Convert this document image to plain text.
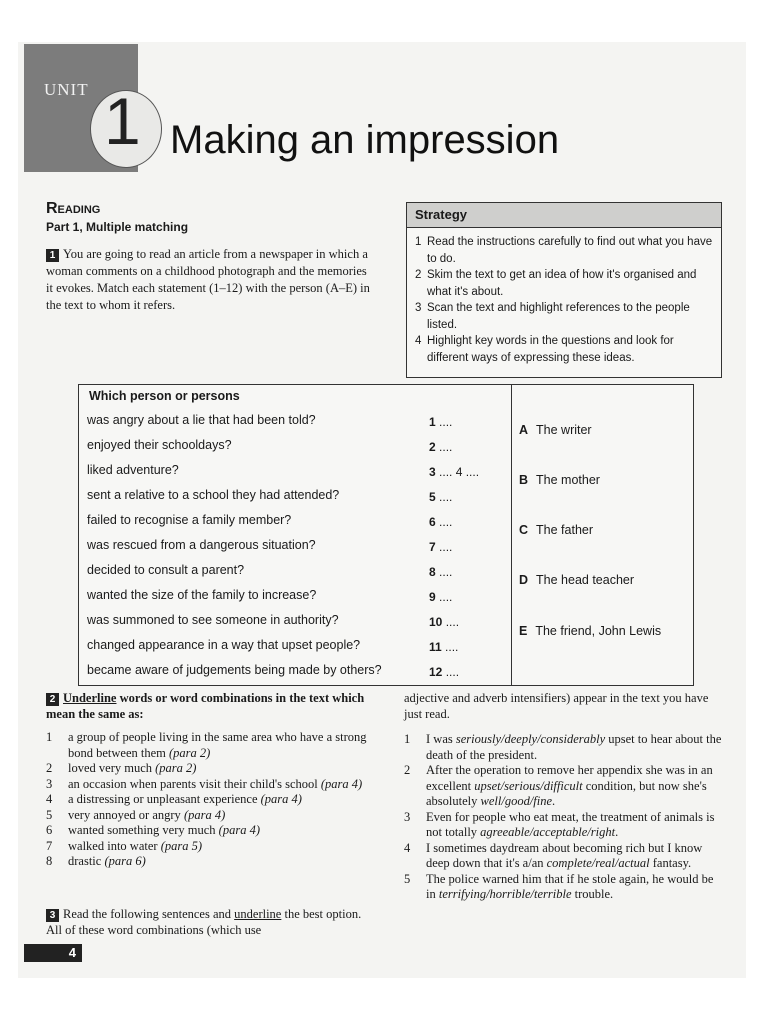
UNIT 1 Making an impression
Reading
Part 1, Multiple matching
1 You are going to read an article from a newspaper in which a woman comments on a childhood photograph and the memories it evokes. Match each statement (1–12) with the person (A–E) in the text to whom it refers.
Strategy
1 Read the instructions carefully to find out what you have to do.
2 Skim the text to get an idea of how it's organised and what it's about.
3 Scan the text and highlight references to the people listed.
4 Highlight key words in the questions and look for different ways of expressing these ideas.
Which person or persons
was angry about a lie that had been told?	1 ....
enjoyed their schooldays?	2 ....
liked adventure?	3 .... 4 ....
sent a relative to a school they had attended?	5 ....
failed to recognise a family member?	6 ....
was rescued from a dangerous situation?	7 ....
decided to consult a parent?	8 ....
wanted the size of the family to increase?	9 ....
was summoned to see someone in authority?	10 ....
changed appearance in a way that upset people?	11 ....
became aware of judgements being made by others?	12 ....
A The writer
B The mother
C The father
D The head teacher
E The friend, John Lewis
2 Underline words or word combinations in the text which mean the same as:
1 a group of people living in the same area who have a strong bond between them (para 2)
2 loved very much (para 2)
3 an occasion when parents visit their child's school (para 4)
4 a distressing or unpleasant experience (para 4)
5 very annoyed or angry (para 4)
6 wanted something very much (para 4)
7 walked into water (para 5)
8 drastic (para 6)
3 Read the following sentences and underline the best option. All of these word combinations (which use
adjective and adverb intensifiers) appear in the text you have just read.
1 I was seriously/deeply/considerably upset to hear about the death of the president.
2 After the operation to remove her appendix she was in an excellent upset/serious/difficult condition, but now she's absolutely well/good/fine.
3 Even for people who eat meat, the treatment of animals is not totally agreeable/acceptable/right.
4 I sometimes daydream about becoming rich but I know deep down that it's a/an complete/real/actual fantasy.
5 The police warned him that if he stole again, he would be in terrifying/horrible/terrible trouble.
4
